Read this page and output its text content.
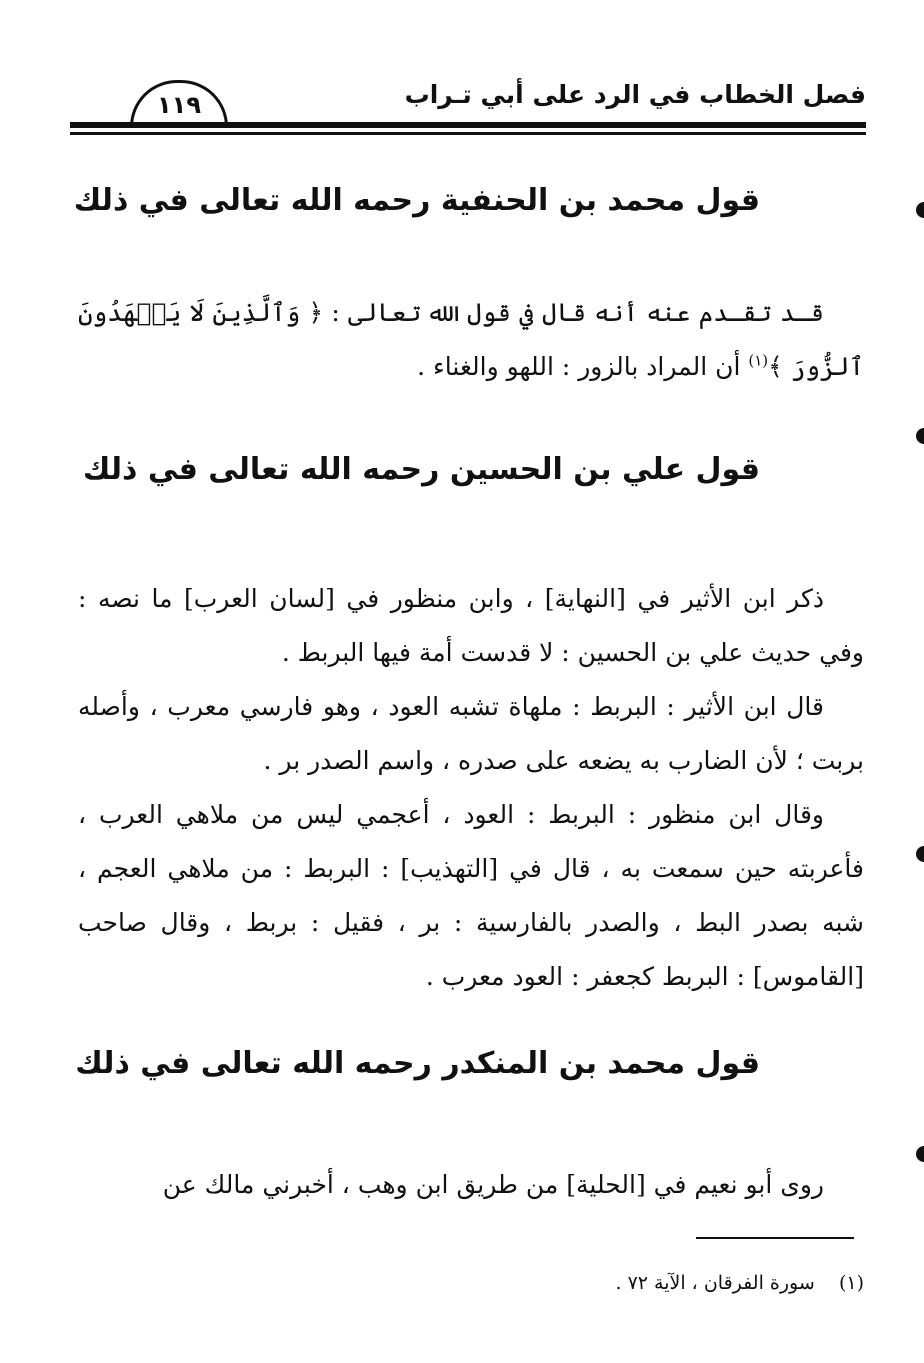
فصل الخطاب في الرد على أبي تـراب
١١٩
قول محمد بن الحنفية رحمه الله تعالى في ذلك
قـد تقـدم عنه أنه قال في قول الله تعالى : ﴿ وَٱلَّذِينَ لَا يَشۡهَدُونَ ٱلزُّورَ ﴾$^{(١)}$ أن المراد بالزور : اللهو والغناء .
قول علي بن الحسين رحمه الله تعالى في ذلك
ذكر ابن الأثير في [النهاية] ، وابن منظور في [لسان العرب] ما نصه : وفي حديث علي بن الحسين : لا قدست أمة فيها البربط .
قال ابن الأثير : البربط : ملهاة تشبه العود ، وهو فارسي معرب ، وأصله بربت ؛ لأن الضارب به يضعه على صدره ، واسم الصدر بر .
وقال ابن منظور : البربط : العود ، أعجمي ليس من ملاهي العرب ، فأعربته حين سمعت به ، قال في [التهذيب] : البربط : من ملاهي العجم ، شبه بصدر البط ، والصدر بالفارسية : بر ، فقيل : بربط ، وقال صاحب [القاموس] : البربط كجعفر : العود معرب .
قول محمد بن المنكدر رحمه الله تعالى في ذلك
روى أبو نعيم في [الحلية] من طريق ابن وهب ، أخبرني مالك عن
(١)    سورة الفرقان ، الآية ٧٢ .
